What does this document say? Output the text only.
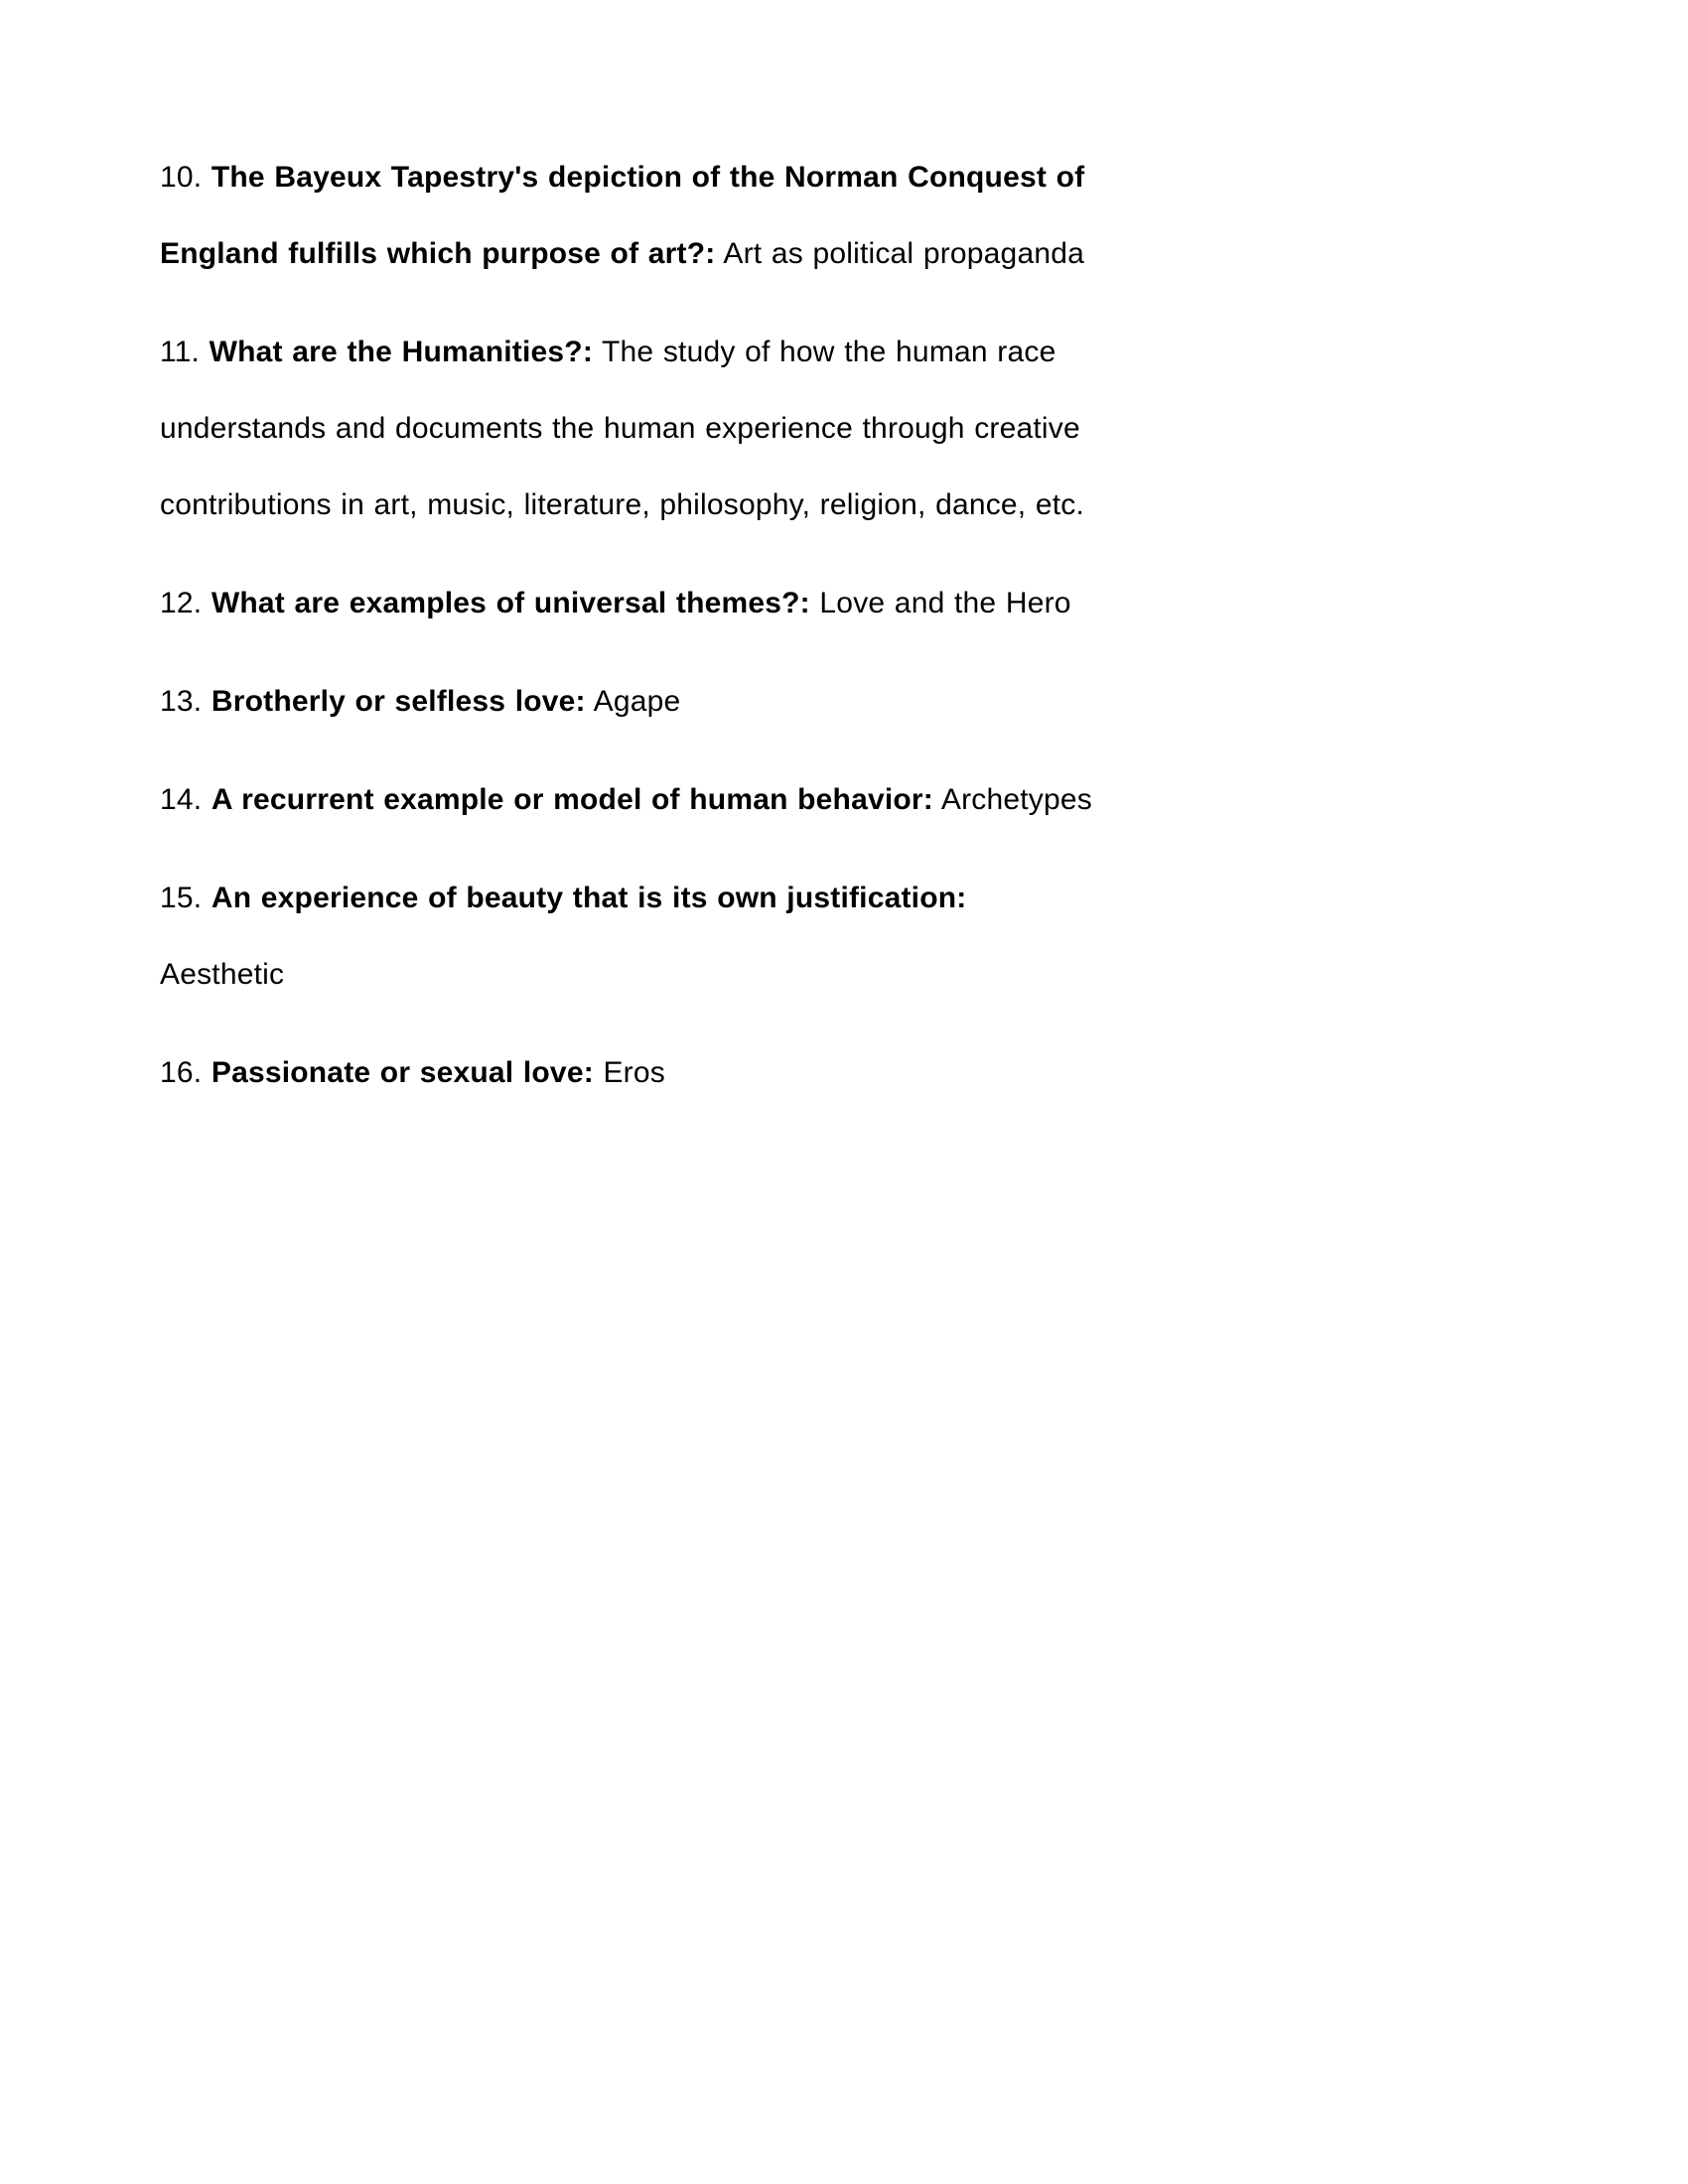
10. The Bayeux Tapestry's depiction of the Norman Conquest of England fulfills which purpose of art?: Art as political propaganda

11. What are the Humanities?: The study of how the human race understands and documents the human experience through creative contributions in art, music, literature, philosophy, religion, dance, etc.

12. What are examples of universal themes?: Love and the Hero

13. Brotherly or selfless love: Agape

14. A recurrent example or model of human behavior: Archetypes

15. An experience of beauty that is its own justification: Aesthetic

16. Passionate or sexual love: Eros
